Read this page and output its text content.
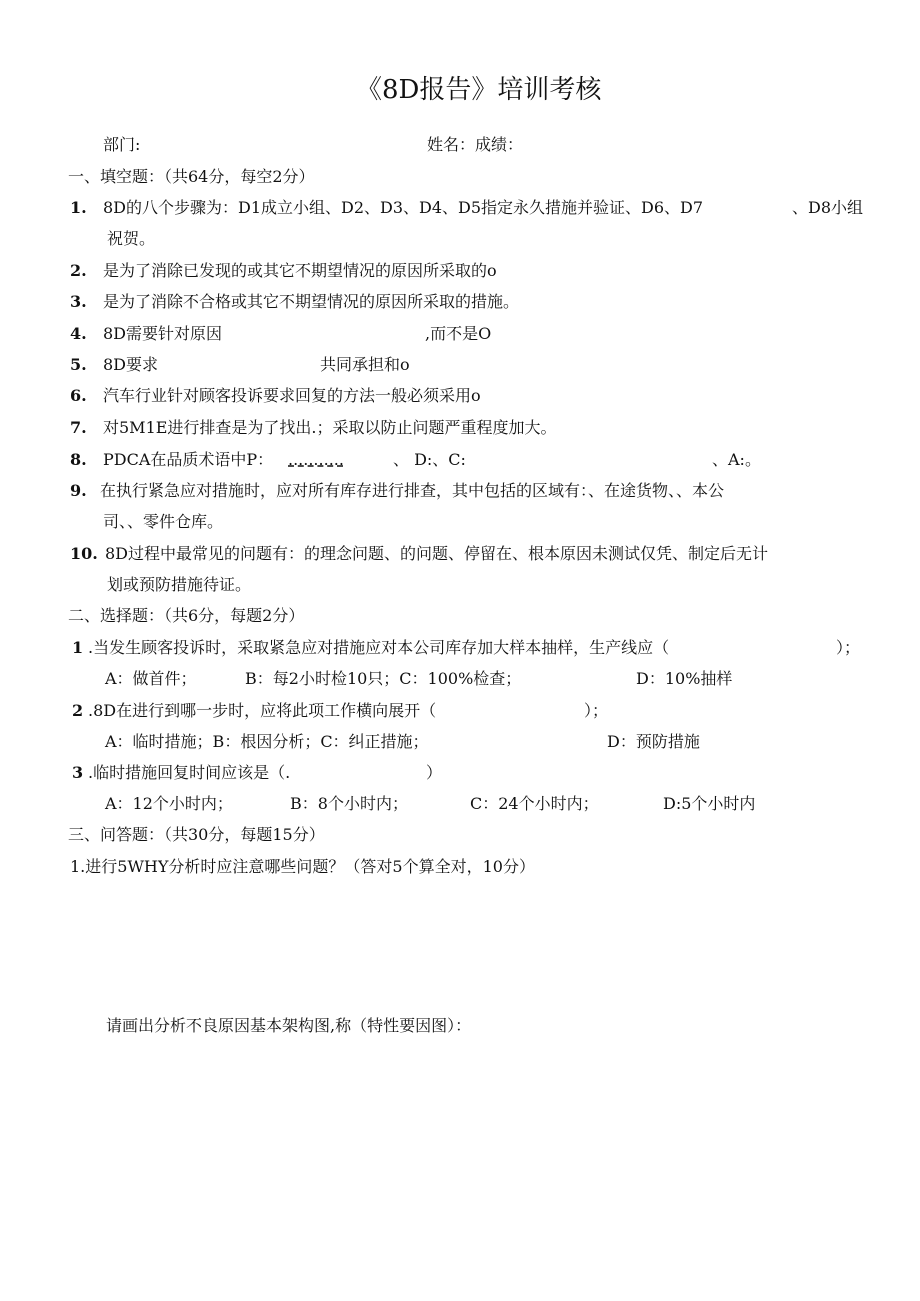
《8D报告》培训考核
部门:	姓名：成绩：
一、填空题：（共64分，每空2分）
1. 8D的八个步骤为：D1成立小组、D2、D3、D4、D5指定永久措施并验证、D6、D7	、D8小组
祝贺。
2. 是为了消除已发现的或其它不期望情况的原因所采取的o
3. 是为了消除不合格或其它不期望情况的原因所采取的措施。
4. 8D需要针对原因	,而不是O
5. 8D要求	共同承担和o
6. 汽车行业针对顾客投诉要求回复的方法一般必须采用o
7. 对5M1E进行排查是为了找出.；采取以防止问题严重程度加大。
8. PDCA在品质术语中P： ...........	、 D:、C:	、A:。
9. 在执行紧急应对措施时，应对所有库存进行排查，其中包括的区域有：、在途货物、、本公
司、、零件仓库。
10. 8D过程中最常见的问题有：的理念问题、的问题、停留在、根本原因未测试仅凭、制定后无计
划或预防措施待证。
二、选择题：（共6分，每题2分）
1 .当发生顾客投诉时，采取紧急应对措施应对本公司库存加大样本抽样，生产线应（	）；
A：做首件；	B：每2小时检10只；C：100%检查；	D：10%抽样
2 .8D在进行到哪一步时，应将此项工作横向展开（	）；
A：临时措施；B：根因分析；C：纠正措施；	D：预防措施
3 .临时措施回复时间应该是（.	）
A：12个小时内；	B：8个小时内；	C：24个小时内；	D:5个小时内
三、问答题：（共30分，每题15分）
1.进行5WHY分析时应注意哪些问题？（答对5个算全对，10分）
请画出分析不良原因基本架构图,称（特性要因图）：
